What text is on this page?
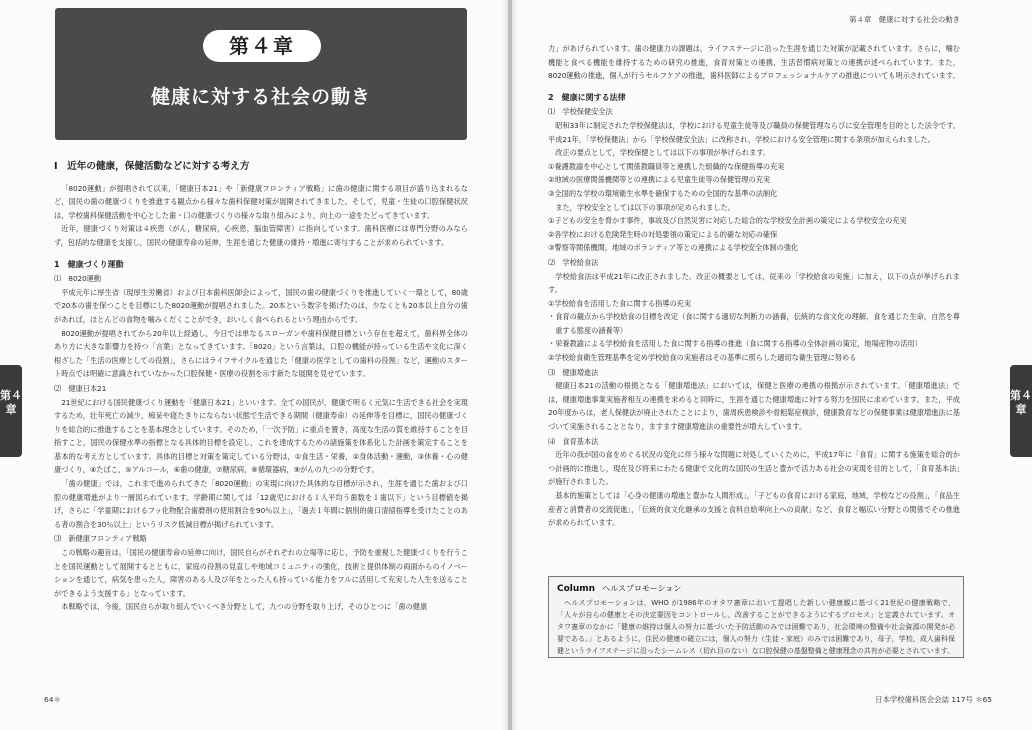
第４章
健康に対する社会の動き
第４章
Ⅰ　近年の健康，保健活動などに対する考え方

「8020運動」が提唱されて以来，「健康日本21」や「新健康フロンティア戦略」に歯の健康に関する項目が盛り込まれるなど，国民の歯の健康づくりを推進する観点から様々な歯科保健対策が展開されてきました。そして，児童・生徒の口腔保健状況は，学校歯科保健活動を中心とした歯・口の健康づくりの様々な取り組みにより，向上の一途をたどってきています。

近年，健康づくり対策は４疾患（がん，糖尿病，心疾患，脳血管障害）に指向しています。歯科医療には専門分野のみならず，包括的な健康を支援し，国民の健康寿命の延伸，生涯を通じた健康の維持・増進に寄与することが求められています。

1　健康づくり運動
⑴　8020運動

平成元年に厚生省（現厚生労働省）および日本歯科医師会によって，国民の歯の健康づくりを推進していく一環として，80歳で20本の歯を保つことを目標にした8020運動が提唱されました。20本という数字を掲げたのは，少なくとも20本以上自分の歯があれば，ほとんどの食物を噛みくだくことができ，おいしく食べられるという理由からです。

8020運動が提唱されてから20年以上経過し，今日では単なるスローガンや歯科保健目標という存在を超えて，歯科界全体のあり方に大きな影響力を持つ「言葉」となってきています。「8020」という言葉は，口腔の機能が持っている生活や文化に深く根ざした「生活の医療としての役割」，さらにはライフサイクルを通じた「健康の医学としての歯科の役割」など，運動のスタート時点では明確に意識されていなかった口腔保健・医療の役割を示す新たな展開を見せています。

⑵　健康日本21

21世紀における国民健康づくり運動を「健康日本21」といいます。全ての国民が，健康で明るく元気に生活できる社会を実現するため，壮年死亡の減少，痴呆や寝たきりにならない状態で生活できる期間（健康寿命）の延伸等を目標に，国民の健康づくりを総合的に推進することを基本理念としています。そのため，「一次予防」に重点を置き，高度な生活の質を維持することを目指すこと，国民の保健水準の指標となる具体的目標を設定し，これを達成するための諸施策を体系化した計画を策定することを基本的な考え方としています。具体的目標と対策を策定している分野は，①食生活・栄養，②身体活動・運動，③休養・心の健康づくり，④たばこ，⑤アルコール，⑥歯の健康，⑦糖尿病，⑧循環器病，⑨がんの九つの分野です。

「歯の健康」では，これまで進められてきた「8020運動」の実現に向けた具体的な目標が示され，生涯を通じた歯および口腔の健康増進がより一層図られています。学齢期に関しては「12歳児における１人平均う歯数を１歯以下」という目標値を掲げ，さらに「学童期におけるフッ化物配合歯磨剤の使用割合を90％以上」，「過去１年間に個別的歯口清掃指導を受けたことのある者の割合を30％以上」というリスク低減目標が掲げられています。

⑶　新健康フロンティア戦略

この戦略の趣旨は，「国民の健康寿命の延伸に向け，国民自らがそれぞれの立場等に応じ，予防を重視した健康づくりを行うことを国民運動として展開するとともに，家庭の役割の見直しや地域コミュニティの強化，技術と提供体制の両面からのイノベーションを通じて，病気を患った人，障害のある人及び年をとった人も持っている能力をフルに活用して充実した人生を送ることができるよう支援する」となっています。

本戦略では，今後，国民自らが取り組んでいくべき分野として，九つの分野を取り上げ，そのひとつに「歯の健康

64＊
第４章　健康に対する社会の動き
第４章

力」があげられています。歯の健康力の課題は，ライフステージに沿った生涯を通じた対策が記載されています。さらに，噛む機能と食べる機能を維持するための研究の推進，食育対策との連携，生活習慣病対策との連携が述べられています。また，8020運動の推進，個人が行うセルフケアの推進，歯科医師によるプロフェッショナルケアの推進についても明示されています。

2　健康に関する法律
⑴　学校保健安全法

昭和33年に制定された学校保健法は，学校における児童生徒等及び職員の保健管理ならびに安全管理を目的とした法令です。平成21年，「学校保健法」から「学校保健安全法」に改称され，学校における安全管理に関する条項が加えられました。

改正の要点として，学校保健としては以下の事項が挙げられます。

①養護教諭を中心として関係教職員等と連携した組織的な保健指導の充実

②地域の医療関係機関等との連携による児童生徒等の保健管理の充実

③全国的な学校の環境衛生水準を確保するための全国的な基準の法制化

また，学校安全としては以下の事項が定められました。

①子どもの安全を脅かす事件，事故及び自然災害に対応した総合的な学校安全計画の策定による学校安全の充実

②各学校における危険発生時の対処要領の策定による的確な対応の確保

③警察等関係機関，地域のボランティア等との連携による学校安全体制の強化

⑵　学校給食法

学校給食法は平成21年に改正されました。改正の概要としては，従来の「学校給食の実施」に加え，以下の点が挙げられます。

①学校給食を活用した食に関する指導の充実

・食育の観点から学校給食の目標を改定（食に関する適切な判断力の涵養，伝統的な食文化の理解，食を通じた生命，自然を尊重する態度の涵養等）

・栄養教諭による学校給食を活用した食に関する指導の推進（食に関する指導の全体計画の策定，地場産物の活用）

②学校給食衛生管理基準を定め学校給食の実施者はその基準に照らした適切な衛生管理に努める

⑶　健康増進法

健康日本21の活動の根拠となる「健康増進法」においては，保健と医療の連携の根拠が示されています。「健康増進法」では，健康増進事業実施者相互の連携を求めると同時に，生涯を通じた健康増進に対する努力を国民に求めています。また，平成20年度からは，老人保健法が廃止されたことにより，歯周疾患検診や骨粗鬆症検診，健康教育などの保健事業は健康増進法に基づいて実施されることとなり，ますます健康増進法の重要性が増大しています。

⑷　食育基本法

近年の我が国の食をめぐる状況の変化に伴う様々な問題に対処していくために，平成17年に「食育」に関する施策を総合的かつ計画的に推進し，現在及び将来にわたる健康で文化的な国民の生活と豊かで活力ある社会の実現を目的として，「食育基本法」が施行されました。

基本的施策としては「心身の健康の増進と豊かな人間形成」，「子どもの食育における家庭，地域，学校などの役割」，「食品生産者と消費者の交流促進」，「伝統的食文化継承の支援と食料自給率向上への貢献」など，食育と幅広い分野との関係でその推進が求められています。

Column ヘルスプロモーション
ヘルスプロモーションは，WHO が1986年のオタワ憲章において提唱した新しい健康観に基づく21世紀の健康戦略で，「人々が自らの健康とその決定要因をコントロールし，改善することができるようにするプロセス」と定義されています。オタワ憲章のなかに「健康の維持は個人の努力に基づいた予防活動のみでは困難であり，社会環境の整備や社会資源の開発が必要である。」とあるように，住民の健康の確立には，個人の努力（生徒・家庭）のみでは困難であり，母子，学校，成人歯科保健というライフステージに沿ったシームレス（切れ目のない）な口腔保健の基盤整備と健康理念の共有が必要とされています。
日本学校歯科医会会誌 117号 ＊65
